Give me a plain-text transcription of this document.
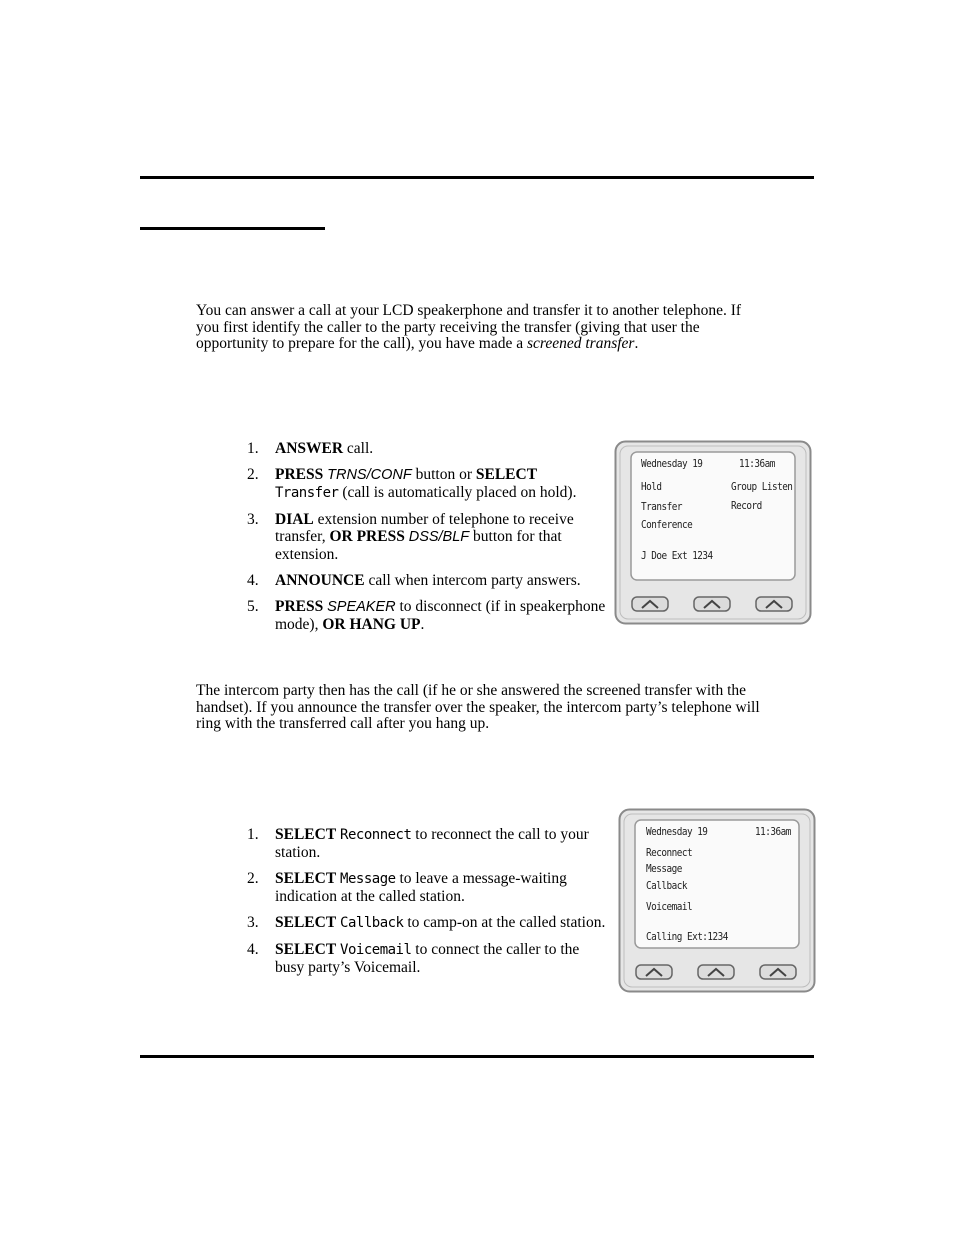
You can answer a call at your LCD speakerphone and transfer it to another telephone. If you first identify the caller to the party receiving the transfer (giving that user the opportunity to prepare for the call), you have made a screened transfer.

1. ANSWER call.
2. PRESS TRNS/CONF button or SELECT
Transfer (call is automatically placed on hold).
3. DIAL extension number of telephone to receive transfer, OR PRESS DSS/BLF button for that extension.
4. ANNOUNCE call when intercom party answers.
5. PRESS SPEAKER to disconnect (if in speakerphone mode), OR HANG UP.

The intercom party then has the call (if he or she answered the screened transfer with the handset). If you announce the transfer over the speaker, the intercom party’s telephone will ring with the transferred call after you hang up.

1. SELECT Reconnect to reconnect the call to your station.
2. SELECT Message to leave a message-waiting indication at the called station.
3. SELECT Callback to camp-on at the called station.
4. SELECT Voicemail to connect the caller to the busy party’s Voicemail.
Wednesday 19	11:36am
Hold
Transfer
Conference
Group Listen
Record
J Doe Ext 1234
Wednesday 19	11:36am
Reconnect
Message
Callback
Voicemail
Calling Ext:1234
